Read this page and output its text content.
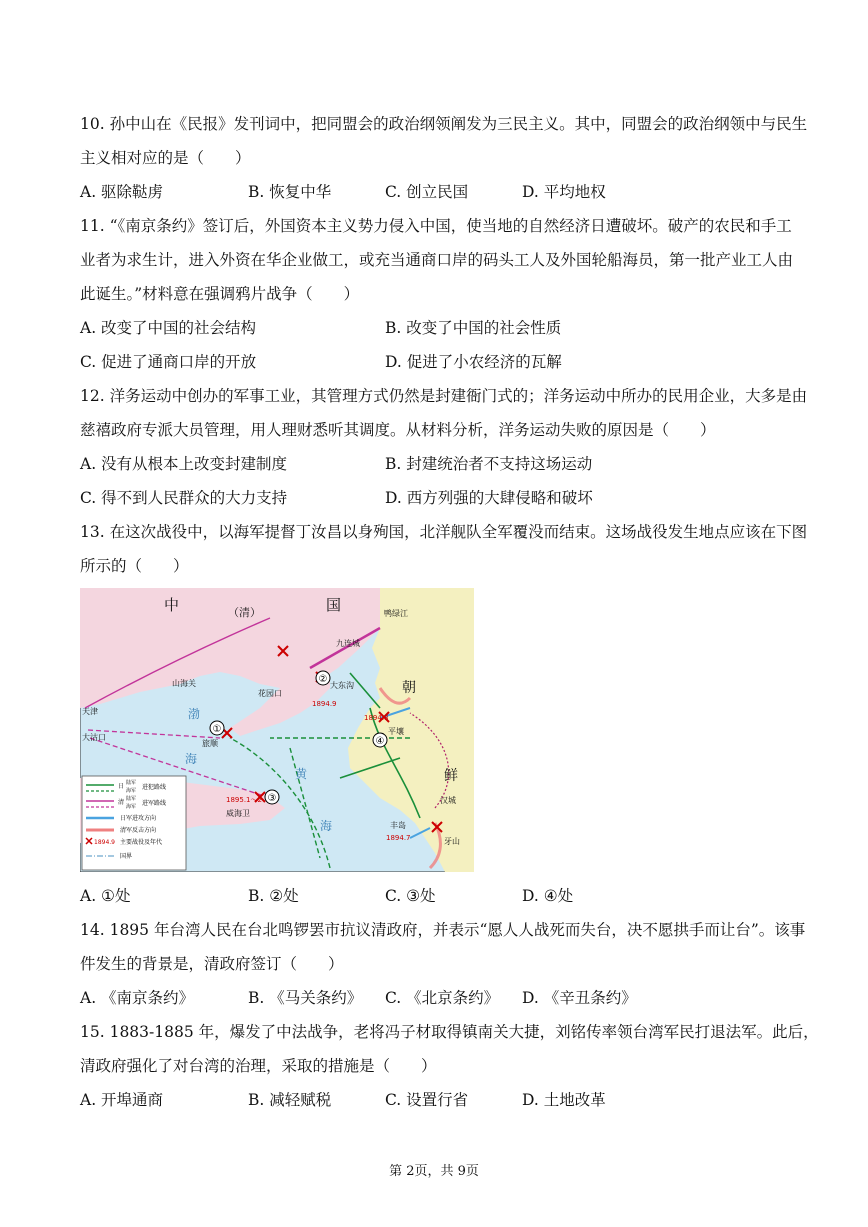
10. 孙中山在《民报》发刊词中，把同盟会的政治纲领阐发为三民主义。其中，同盟会的政治纲领中与民生
主义相对应的是（　　）
A. 驱除鞑虏	B. 恢复中华	C. 创立民国	D. 平均地权
11. “《南京条约》签订后，外国资本主义势力侵入中国，使当地的自然经济日遭破坏。破产的农民和手工
业者为求生计，进入外资在华企业做工，或充当通商口岸的码头工人及外国轮船海员，第一批产业工人由
此诞生。”材料意在强调鸦片战争（　　）
A. 改变了中国的社会结构	B. 改变了中国的社会性质
C. 促进了通商口岸的开放	D. 促进了小农经济的瓦解
12. 洋务运动中创办的军事工业，其管理方式仍然是封建衙门式的；洋务运动中所办的民用企业，大多是由
慈禧政府专派大员管理，用人理财悉听其调度。从材料分析，洋务运动失败的原因是（　　）
A. 没有从根本上改变封建制度	B. 封建统治者不支持这场运动
C. 得不到人民群众的大力支持	D. 西方列强的大肆侵略和破坏
13. 在这次战役中，以海军提督丁汝昌以身殉国，北洋舰队全军覆没而结束。这场战役发生地点应该在下图
所示的（　　）
①
②
③
④
中	（清）	国
朝
鲜
渤
海
黄
海
山海关
天津
大沽口
旅顺
花园口
九连城
大东沟
平壤
汉城
牙山
丰岛
威海卫
鸭绿江
1894.9
1894.8
1895.1～2
1894.7
日 陆军
海军 进犯路线
清 陆军
海军 进军路线
日军进攻方向
清军反击方向
1894.9 主要战役及年代
国界
A. ①处	B. ②处	C. ③处	D. ④处
14. 1895 年台湾人民在台北鸣锣罢市抗议清政府，并表示“愿人人战死而失台，决不愿拱手而让台”。该事
件发生的背景是，清政府签订（　　）
A. 《南京条约》	B. 《马关条约》 C. 《北京条约》 D. 《辛丑条约》
15. 1883-1885 年，爆发了中法战争，老将冯子材取得镇南关大捷，刘铭传率领台湾军民打退法军。此后，
清政府强化了对台湾的治理，采取的措施是（　　）
A. 开埠通商	B. 减轻赋税	C. 设置行省	D. 土地改革
第 2页，共 9页
